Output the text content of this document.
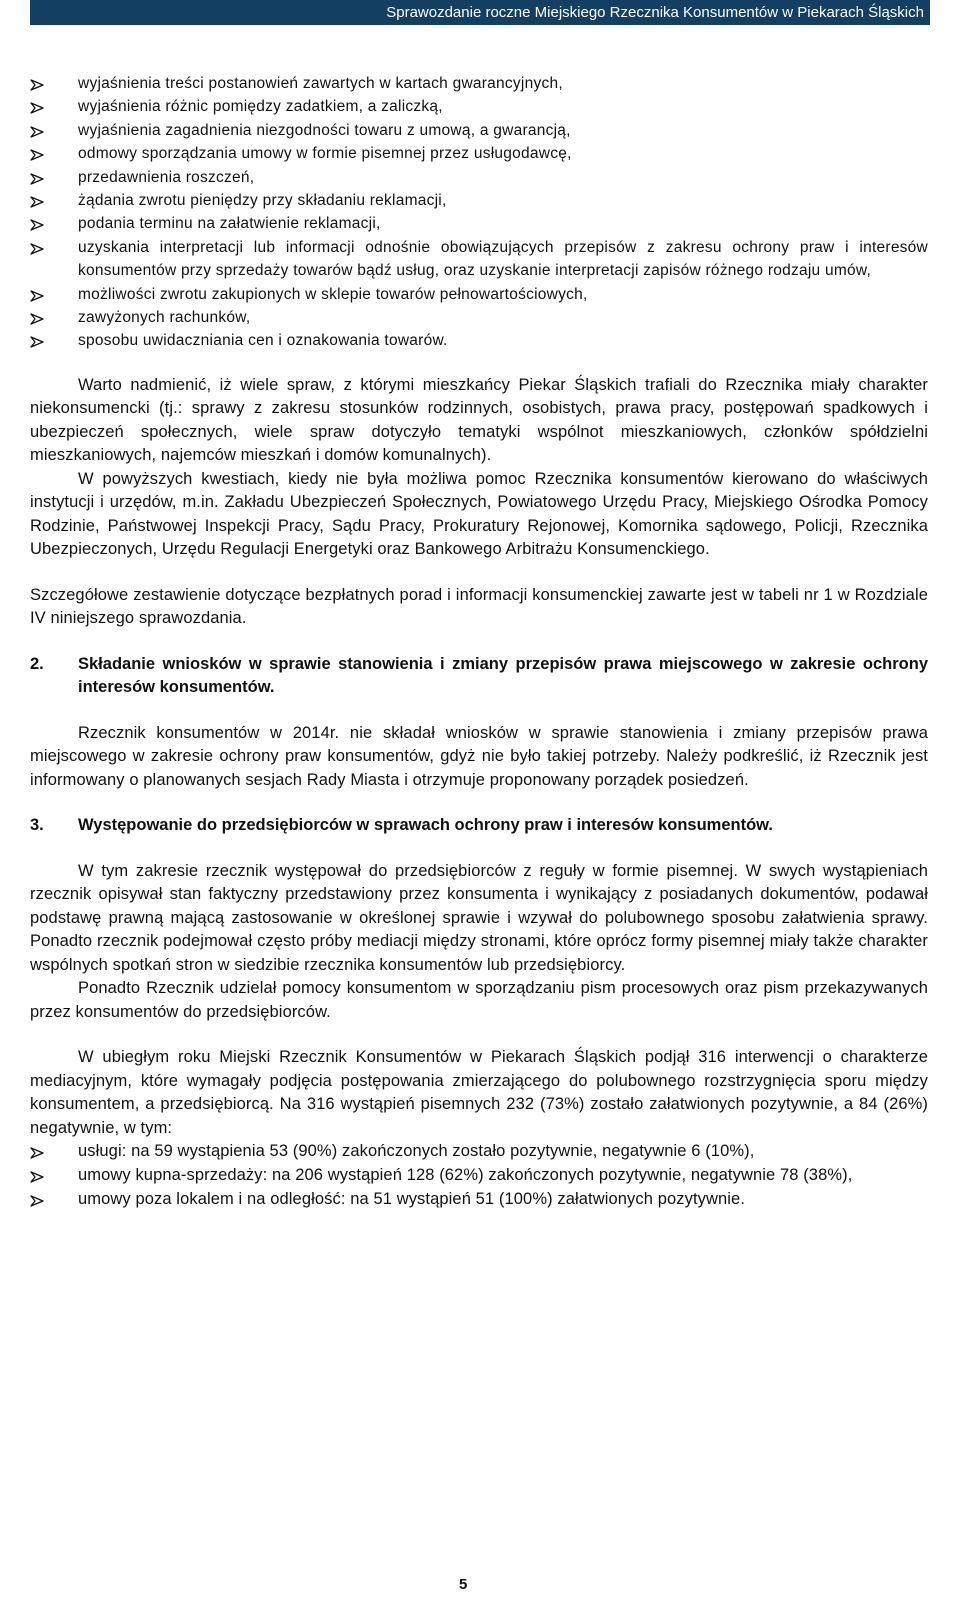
Sprawozdanie roczne Miejskiego Rzecznika Konsumentów w Piekarach Śląskich
wyjaśnienia treści postanowień zawartych w kartach gwarancyjnych,
wyjaśnienia różnic pomiędzy zadatkiem, a zaliczką,
wyjaśnienia zagadnienia niezgodności towaru z umową, a gwarancją,
odmowy sporządzania umowy w formie pisemnej przez usługodawcę,
przedawnienia roszczeń,
żądania zwrotu pieniędzy przy składaniu reklamacji,
podania terminu na załatwienie reklamacji,
uzyskania interpretacji lub informacji odnośnie obowiązujących przepisów z zakresu ochrony praw i interesów konsumentów przy sprzedaży towarów bądź usług, oraz uzyskanie interpretacji zapisów różnego rodzaju umów,
możliwości zwrotu zakupionych w sklepie towarów pełnowartościowych,
zawyżonych rachunków,
sposobu uwidaczniania cen i oznakowania towarów.

Warto nadmienić, iż wiele spraw, z którymi mieszkańcy Piekar Śląskich trafiali do Rzecznika miały charakter niekonsumencki (tj.: sprawy z zakresu stosunków rodzinnych, osobistych, prawa pracy, postępowań spadkowych i ubezpieczeń społecznych, wiele spraw dotyczyło tematyki wspólnot mieszkaniowych, członków spółdzielni mieszkaniowych, najemców mieszkań i domów komunalnych).

W powyższych kwestiach, kiedy nie była możliwa pomoc Rzecznika konsumentów kierowano do właściwych instytucji i urzędów, m.in. Zakładu Ubezpieczeń Społecznych, Powiatowego Urzędu Pracy, Miejskiego Ośrodka Pomocy Rodzinie, Państwowej Inspekcji Pracy, Sądu Pracy, Prokuratury Rejonowej, Komornika sądowego, Policji, Rzecznika Ubezpieczonych, Urzędu Regulacji Energetyki oraz Bankowego Arbitrażu Konsumenckiego.

Szczegółowe zestawienie dotyczące bezpłatnych porad i informacji konsumenckiej zawarte jest w tabeli nr 1 w Rozdziale IV niniejszego sprawozdania.

2. Składanie wniosków w sprawie stanowienia i zmiany przepisów prawa miejscowego w zakresie ochrony interesów konsumentów.

Rzecznik konsumentów w 2014r. nie składał wniosków w sprawie stanowienia i zmiany przepisów prawa miejscowego w zakresie ochrony praw konsumentów, gdyż nie było takiej potrzeby. Należy podkreślić, iż Rzecznik jest informowany o planowanych sesjach Rady Miasta i otrzymuje proponowany porządek posiedzeń.

3. Występowanie do przedsiębiorców w sprawach ochrony praw i interesów konsumentów.

W tym zakresie rzecznik występował do przedsiębiorców z reguły w formie pisemnej. W swych wystąpieniach rzecznik opisywał stan faktyczny przedstawiony przez konsumenta i wynikający z posiadanych dokumentów, podawał podstawę prawną mającą zastosowanie w określonej sprawie i wzywał do polubownego sposobu załatwienia sprawy. Ponadto rzecznik podejmował często próby mediacji między stronami, które oprócz formy pisemnej miały także charakter wspólnych spotkań stron w siedzibie rzecznika konsumentów lub przedsiębiorcy.

Ponadto Rzecznik udzielał pomocy konsumentom w sporządzaniu pism procesowych oraz pism przekazywanych przez konsumentów do przedsiębiorców.

W ubiegłym roku Miejski Rzecznik Konsumentów w Piekarach Śląskich podjął 316 interwencji o charakterze mediacyjnym, które wymagały podjęcia postępowania zmierzającego do polubownego rozstrzygnięcia sporu między konsumentem, a przedsiębiorcą. Na 316 wystąpień pisemnych 232 (73%) zostało załatwionych pozytywnie, a 84 (26%) negatywnie, w tym:

usługi: na 59 wystąpienia 53 (90%) zakończonych zostało pozytywnie, negatywnie 6 (10%),
umowy kupna-sprzedaży: na 206 wystąpień 128 (62%) zakończonych pozytywnie, negatywnie 78 (38%),
umowy poza lokalem i na odległość: na 51 wystąpień 51 (100%) załatwionych pozytywnie.
5
